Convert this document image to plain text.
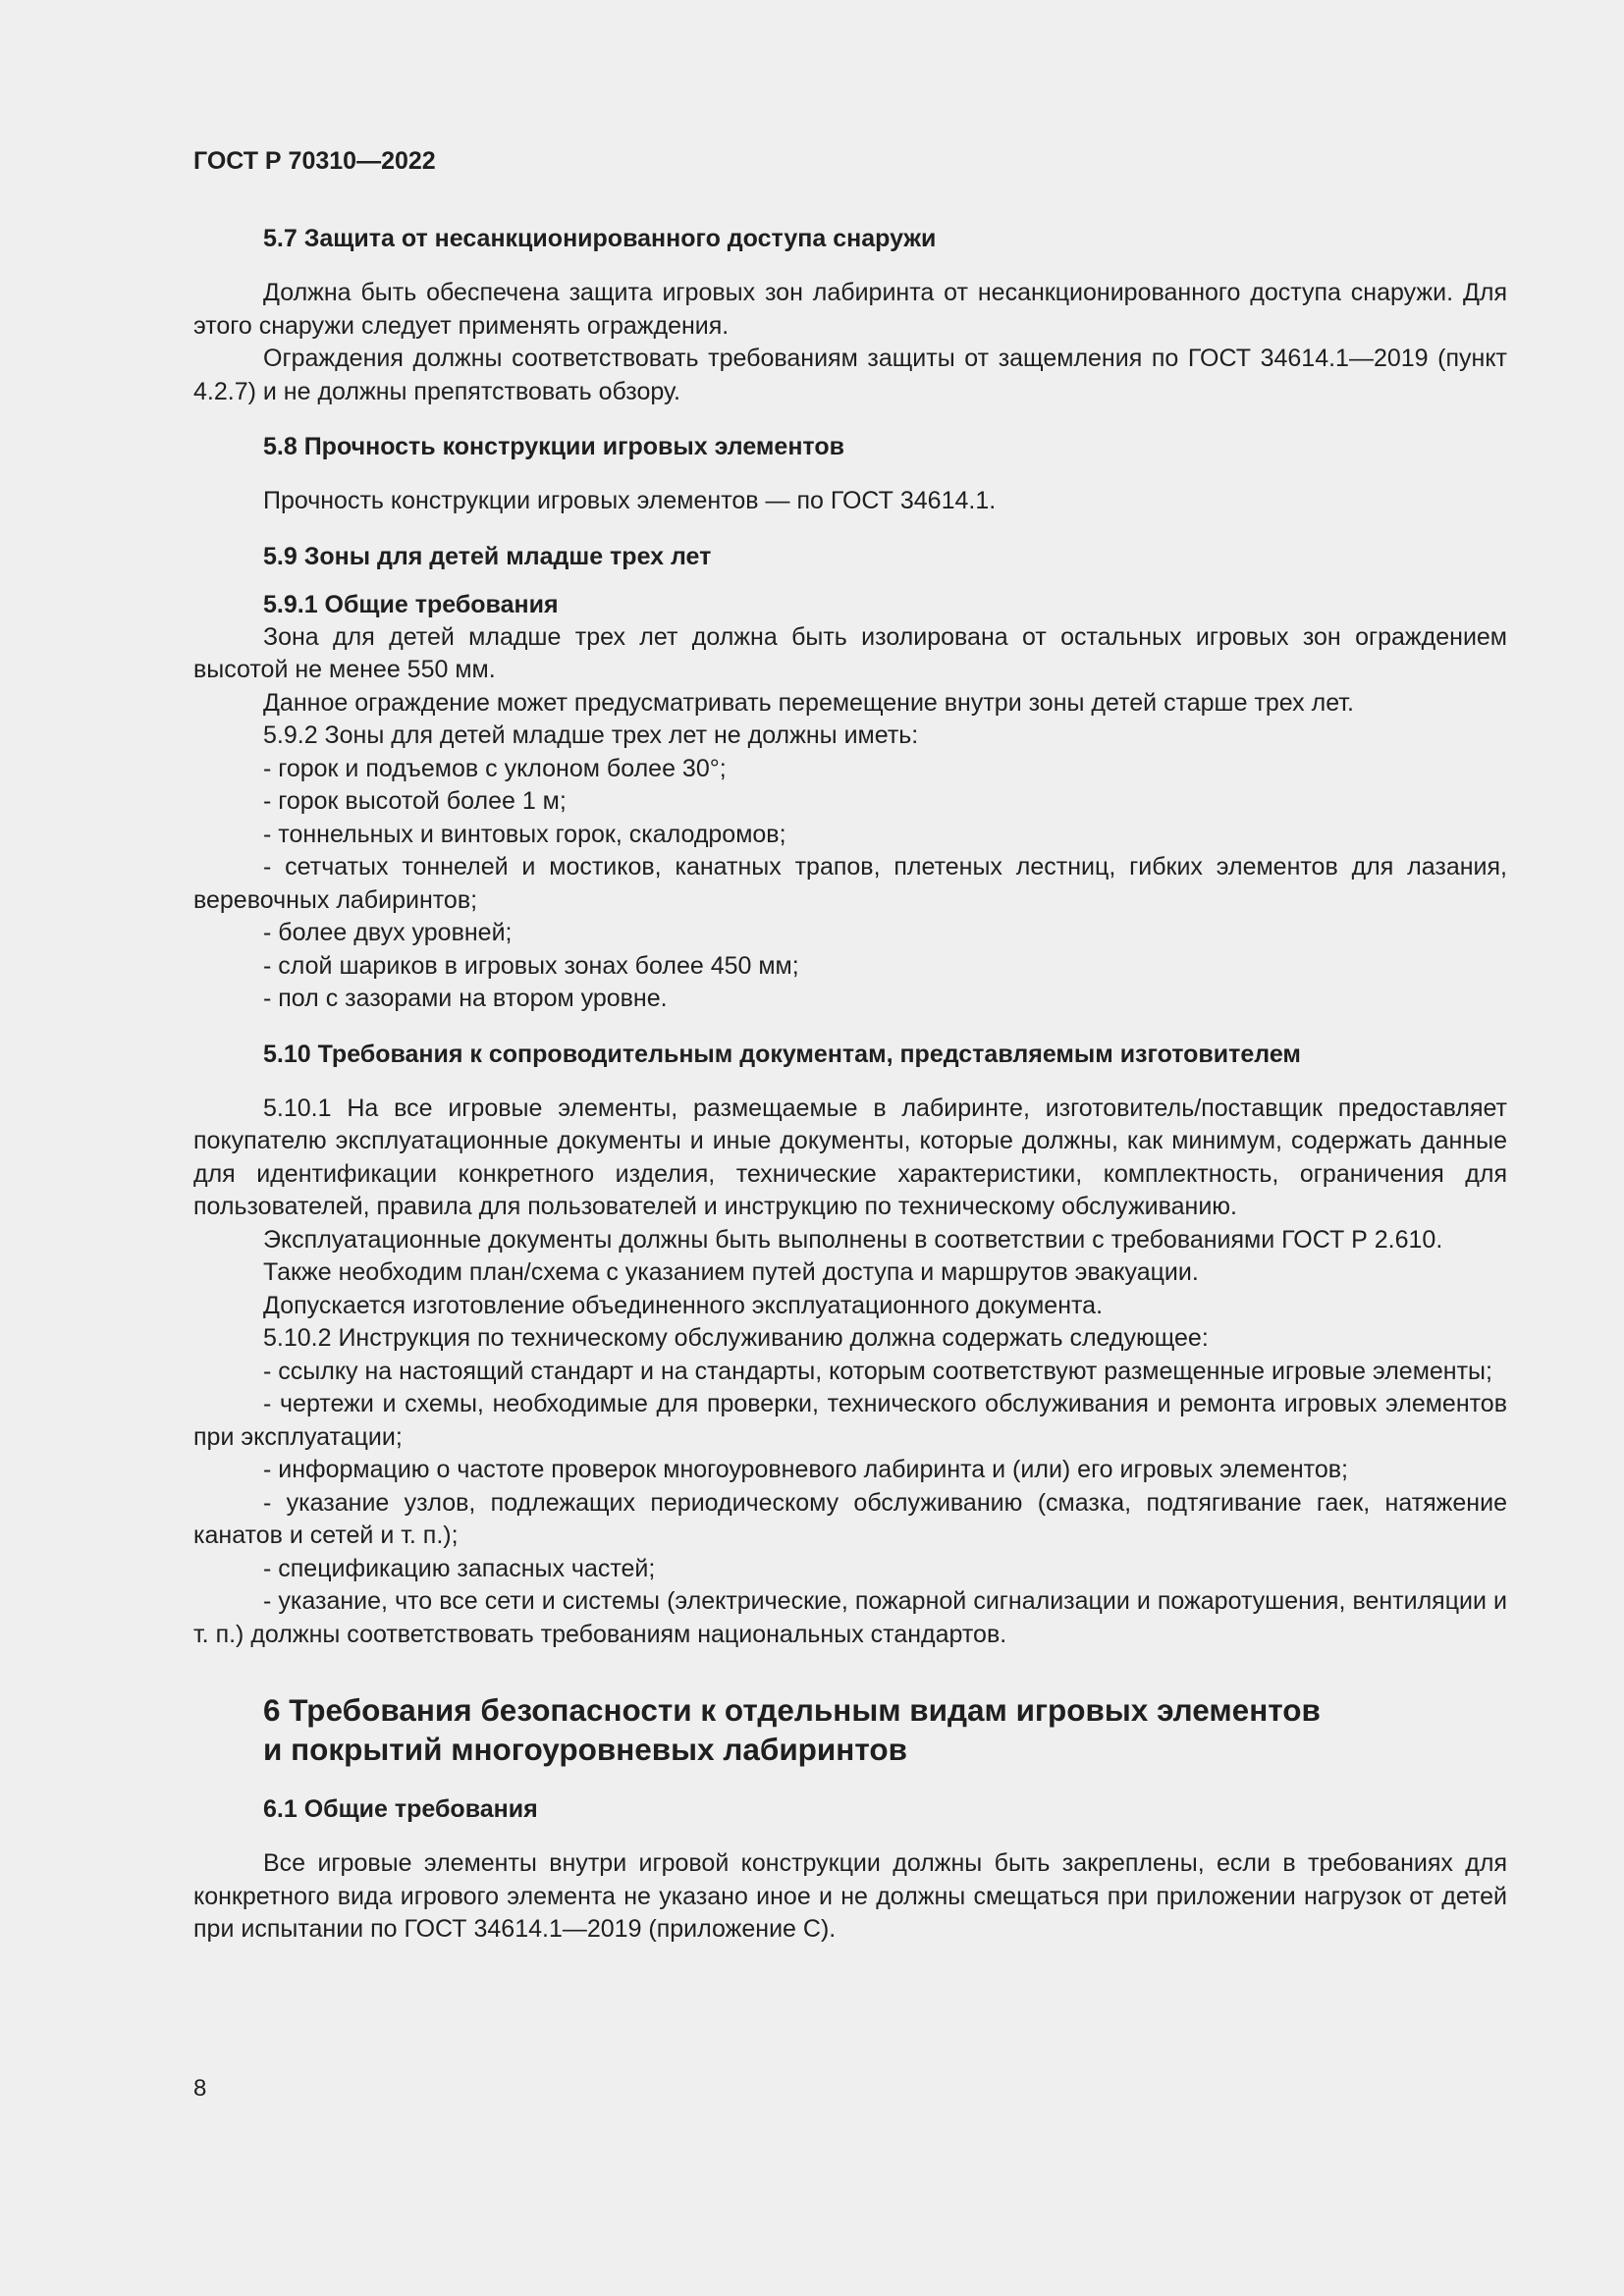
ГОСТ Р 70310—2022
5.7 Защита от несанкционированного доступа снаружи

Должна быть обеспечена защита игровых зон лабиринта от несанкционированного доступа снаружи. Для этого снаружи следует применять ограждения.

Ограждения должны соответствовать требованиям защиты от защемления по ГОСТ 34614.1—2019 (пункт 4.2.7) и не должны препятствовать обзору.

5.8 Прочность конструкции игровых элементов

Прочность конструкции игровых элементов — по ГОСТ 34614.1.

5.9 Зоны для детей младше трех лет
5.9.1 Общие требования

Зона для детей младше трех лет должна быть изолирована от остальных игровых зон ограждением высотой не менее 550 мм.

Данное ограждение может предусматривать перемещение внутри зоны детей старше трех лет.

5.9.2 Зоны для детей младше трех лет не должны иметь:

- горок и подъемов с уклоном более 30°;

- горок высотой более 1 м;

- тоннельных и винтовых горок, скалодромов;

- сетчатых тоннелей и мостиков, канатных трапов, плетеных лестниц, гибких элементов для лазания, веревочных лабиринтов;

- более двух уровней;

- слой шариков в игровых зонах более 450 мм;

- пол с зазорами на втором уровне.

5.10 Требования к сопроводительным документам, представляемым изготовителем

5.10.1 На все игровые элементы, размещаемые в лабиринте, изготовитель/поставщик предоставляет покупателю эксплуатационные документы и иные документы, которые должны, как минимум, содержать данные для идентификации конкретного изделия, технические характеристики, комплектность, ограничения для пользователей, правила для пользователей и инструкцию по техническому обслуживанию.

Эксплуатационные документы должны быть выполнены в соответствии с требованиями ГОСТ Р 2.610.

Также необходим план/схема с указанием путей доступа и маршрутов эвакуации.

Допускается изготовление объединенного эксплуатационного документа.

5.10.2 Инструкция по техническому обслуживанию должна содержать следующее:

- ссылку на настоящий стандарт и на стандарты, которым соответствуют размещенные игровые элементы;

- чертежи и схемы, необходимые для проверки, технического обслуживания и ремонта игровых элементов при эксплуатации;

- информацию о частоте проверок многоуровневого лабиринта и (или) его игровых элементов;

- указание узлов, подлежащих периодическому обслуживанию (смазка, подтягивание гаек, натяжение канатов и сетей и т. п.);

- спецификацию запасных частей;

- указание, что все сети и системы (электрические, пожарной сигнализации и пожаротушения, вентиляции и т. п.) должны соответствовать требованиям национальных стандартов.

6 Требования безопасности к отдельным видам игровых элементов
и покрытий многоуровневых лабиринтов
6.1 Общие требования

Все игровые элементы внутри игровой конструкции должны быть закреплены, если в требованиях для конкретного вида игрового элемента не указано иное и не должны смещаться при приложении нагрузок от детей при испытании по ГОСТ 34614.1—2019 (приложение С).

8
